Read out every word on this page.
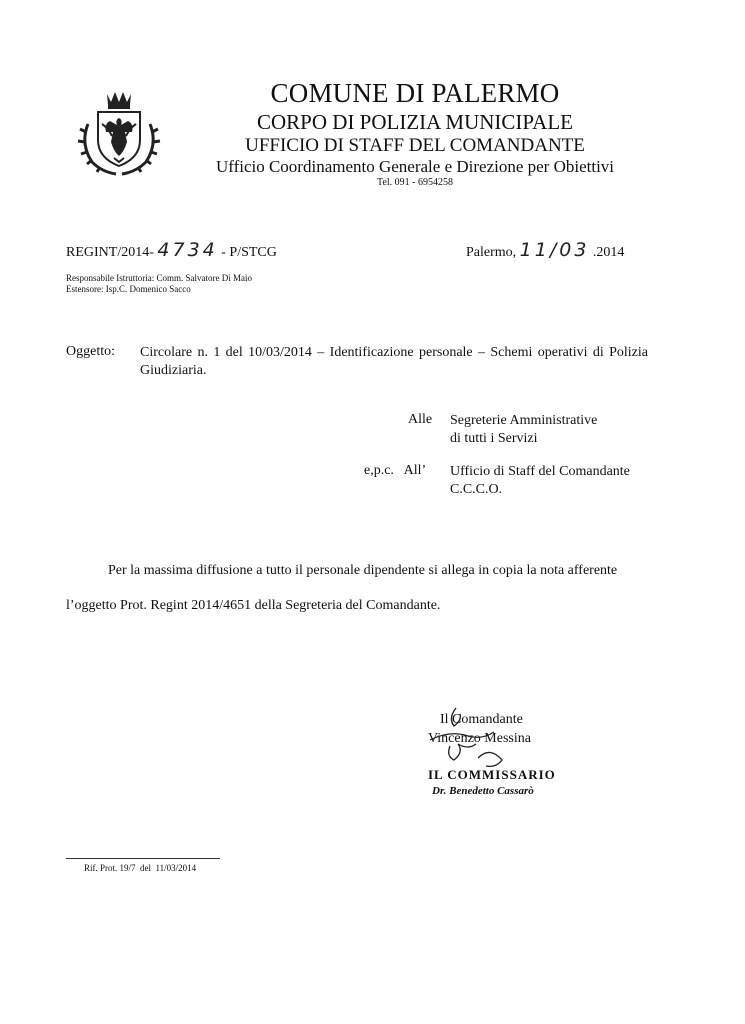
COMUNE DI PALERMO
CORPO DI POLIZIA MUNICIPALE
UFFICIO DI STAFF DEL COMANDANTE
Ufficio Coordinamento Generale e Direzione per Obiettivi
Tel. 091 - 6954258
REGINT/2014- 4734 - P/STCG	Palermo, 11/03 .2014
Responsabile Istruttoria: Comm. Salvatore Di Maio
Estensore: Isp.C. Domenico Sacco
Oggetto: Circolare n. 1 del 10/03/2014 – Identificazione personale – Schemi operativi di Polizia Giudiziaria.
Alle Segreterie Amministrative
di tutti i Servizi
e,p.c.   All’ Ufficio di Staff del Comandante
C.C.C.O.
Per la massima diffusione a tutto il personale dipendente si allega in copia la nota afferente
l’oggetto Prot. Regint 2014/4651 della Segreteria del Comandante.
Il Comandante
Vincenzo Messina
IL COMMISSARIO
Dr. Benedetto Cassarò
Rif. Prot. 19/7  del  11/03/2014
